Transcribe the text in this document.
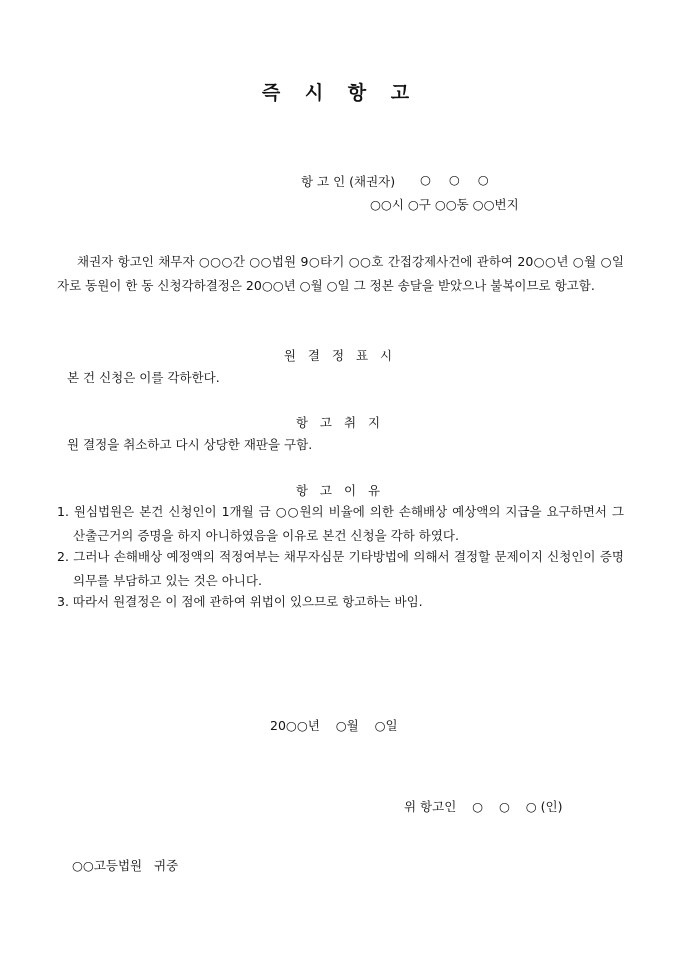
즉 시 항 고
항 고 인 (채권자) ○ ○ ○
○○시 ○구 ○○동 ○○번지
채권자 항고인 채무자 ○○○간 ○○법원 9○타기 ○○호 간접강제사건에 관하여 20○○년 ○월 ○일자로 동원이 한 동 신청각하결정은 20○○년 ○월 ○일 그 정본 송달을 받았으나 불복이므로 항고함.
원 결 정 표 시
본 건 신청은 이를 각하한다.
항 고 취 지
원 결정을 취소하고 다시 상당한 재판을 구함.
항 고 이 유
1. 원심법원은 본건 신청인이 1개월 금 ○○원의 비율에 의한 손해배상 예상액의 지급을 요구하면서 그 산출근거의 증명을 하지 아니하였음을 이유로 본건 신청을 각하 하였다.
2. 그러나 손해배상 예정액의 적정여부는 채무자심문 기타방법에 의해서 결정할 문제이지 신청인이 증명의무를 부담하고 있는 것은 아니다.
3. 따라서 원결정은 이 점에 관하여 위법이 있으므로 항고하는 바임.
20○○년    ○월    ○일
위 항고인    ○    ○    ○ (인)
○○고등법원   귀중
